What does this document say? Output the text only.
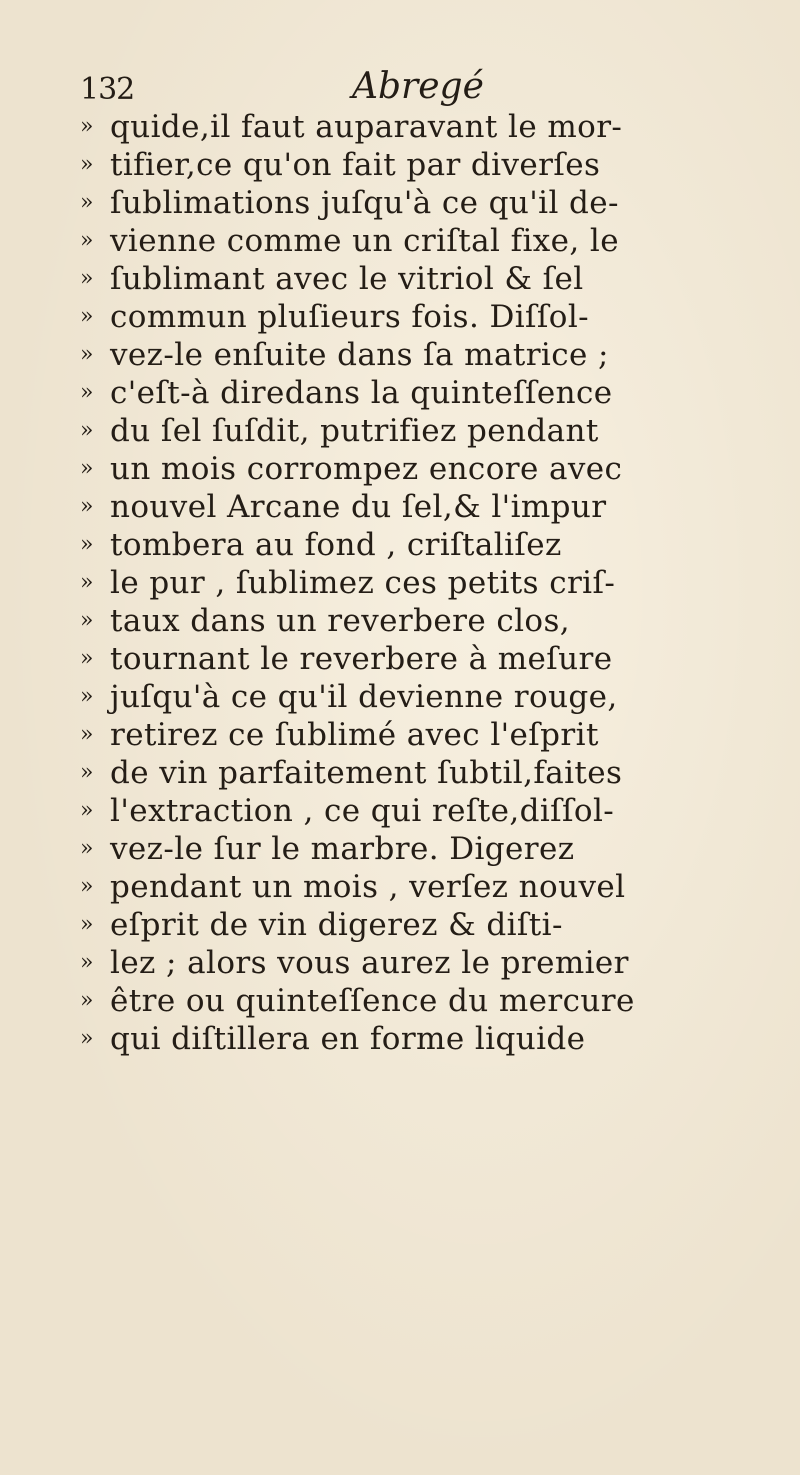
132	Abregé
» quide,il faut auparavant le mor-
» tifier,ce qu'on fait par diverſes
» ſublimations juſqu'à ce qu'il de-
» vienne comme un criſtal fixe, le
» ſublimant avec le vitriol & ſel
» commun pluſieurs fois. Diſſol-
» vez-le enſuite dans ſa matrice ;
» c'eſt-à diredans la quinteſſence
» du ſel ſuſdit, putrifiez pendant
» un mois corrompez encore avec
» nouvel Arcane du ſel,& l'impur
» tombera au fond , criſtaliſez
» le pur , ſublimez ces petits criſ-
» taux dans un reverbere clos,
» tournant le reverbere à meſure
» juſqu'à ce qu'il devienne rouge,
» retirez ce ſublimé avec l'eſprit
» de vin parfaitement ſubtil,faites
» l'extraction , ce qui reſte,diſſol-
» vez-le ſur le marbre. Digerez
» pendant un mois , verſez nouvel
» eſprit de vin digerez & diſti-
» lez ; alors vous aurez le premier
» être ou quinteſſence du mercure
» qui diſtillera en forme liquide
